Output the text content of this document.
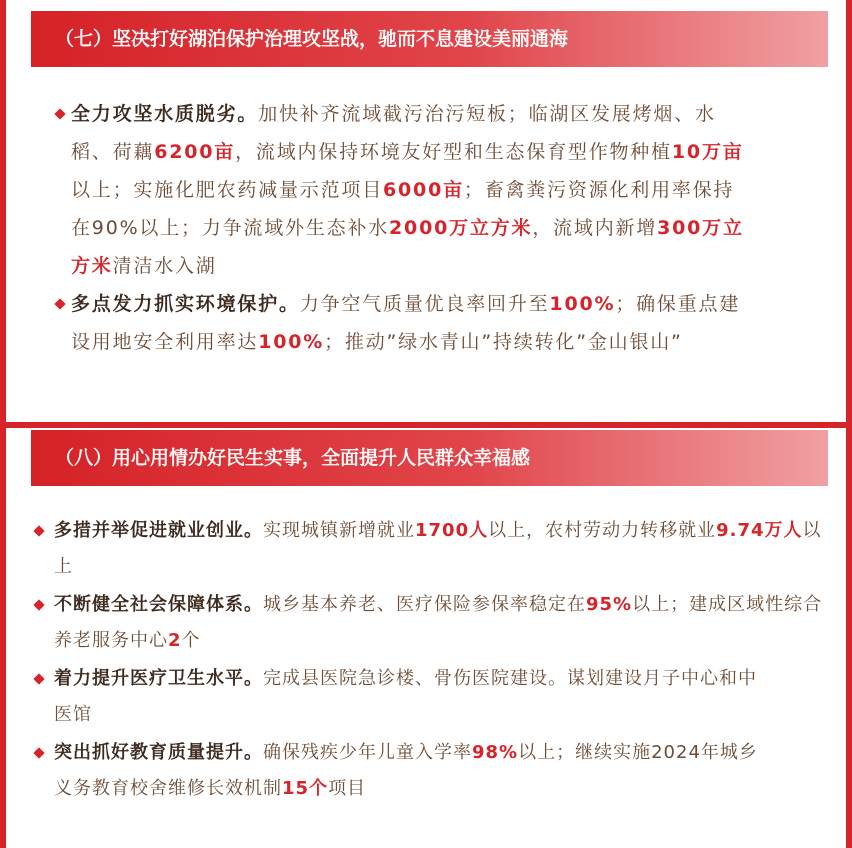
（七）坚决打好湖泊保护治理攻坚战，驰而不息建设美丽通海
全力攻坚水质脱劣。加快补齐流域截污治污短板；临湖区发展烤烟、水稻、荷藕6200亩，流域内保持环境友好型和生态保育型作物种植10万亩以上；实施化肥农药减量示范项目6000亩；畜禽粪污资源化利用率保持在90%以上；力争流域外生态补水2000万立方米，流域内新增300万立方米清洁水入湖
多点发力抓实环境保护。力争空气质量优良率回升至100%；确保重点建设用地安全利用率达100%；推动”绿水青山”持续转化”金山银山”
（八）用心用情办好民生实事，全面提升人民群众幸福感
多措并举促进就业创业。实现城镇新增就业1700人以上，农村劳动力转移就业9.74万人以上
不断健全社会保障体系。城乡基本养老、医疗保险参保率稳定在95%以上；建成区域性综合养老服务中心2个
着力提升医疗卫生水平。完成县医院急诊楼、骨伤医院建设。谋划建设月子中心和中医馆
突出抓好教育质量提升。确保残疾少年儿童入学率98%以上；继续实施2024年城乡义务教育校舍维修长效机制15个项目
